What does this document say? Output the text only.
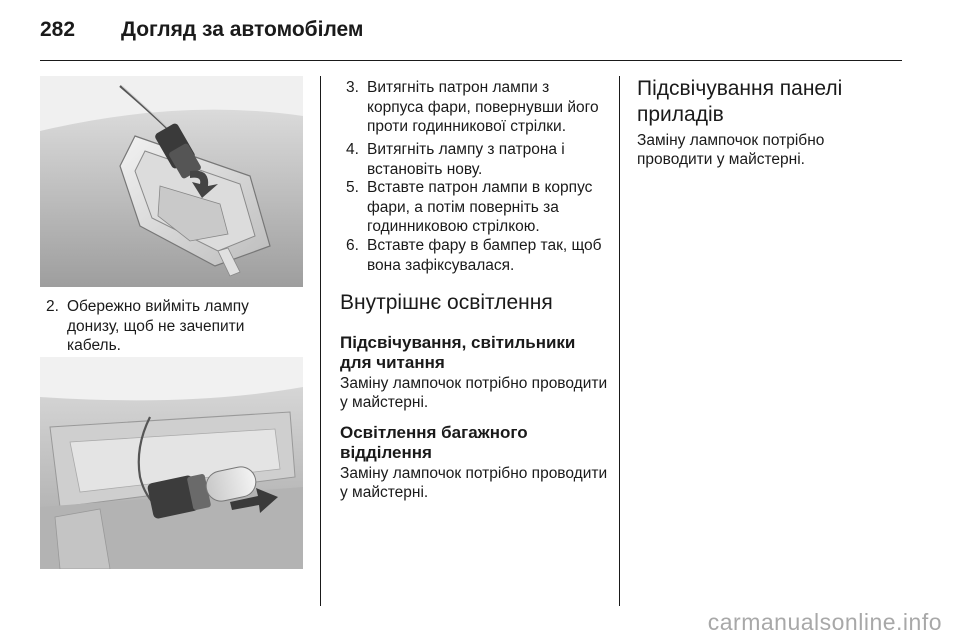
282 Догляд за автомобілем
2. Обережно вийміть лампу донизу, щоб не зачепити кабель.
3. Витягніть патрон лампи з корпуса фари, повернувши його проти годинникової стрілки.
4. Витягніть лампу з патрона і встановіть нову.
5. Вставте патрон лампи в корпус фари, а потім поверніть за годинниковою стрілкою.
6. Вставте фару в бампер так, щоб вона зафіксувалася.
Внутрішнє освітлення
Підсвічування, світильники для читання

Заміну лампочок потрібно проводити у майстерні.

Освітлення багажного відділення

Заміну лампочок потрібно проводити у майстерні.

Підсвічування панелі приладів

Заміну лампочок потрібно проводити у майстерні.

carmanualsonline.info
